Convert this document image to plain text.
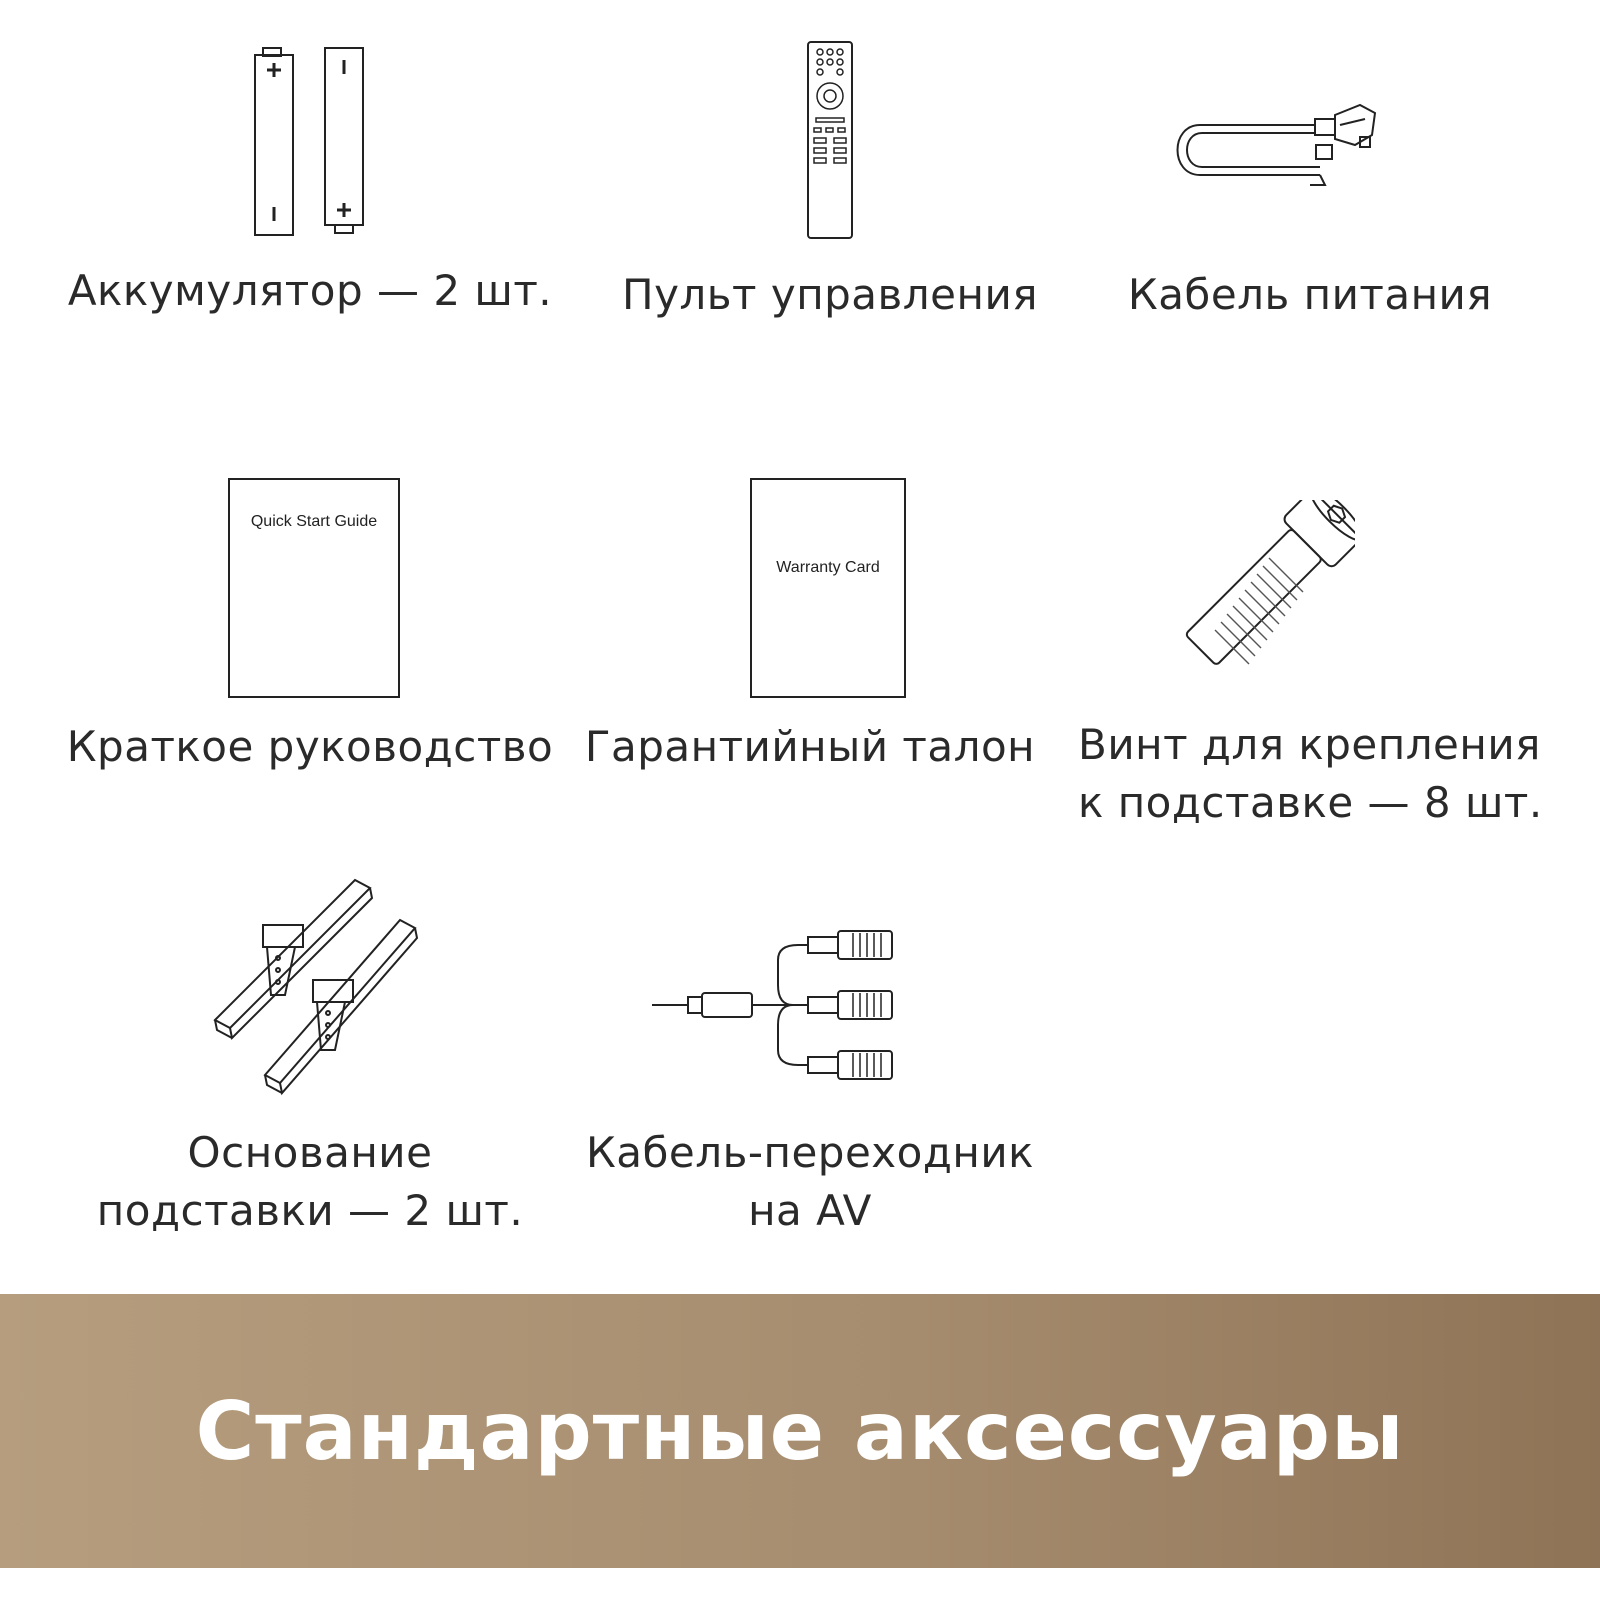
Аккумулятор — 2 шт.	Пульт управления	Кабель питания
Quick Start Guide
Warranty Card
Краткое руководство Гарантийный талон	Винт для крепления
к подставке — 8 шт.
Основание
подставки — 2 шт.
Кабель-переходник
на AV
Стандартные аксессуары
